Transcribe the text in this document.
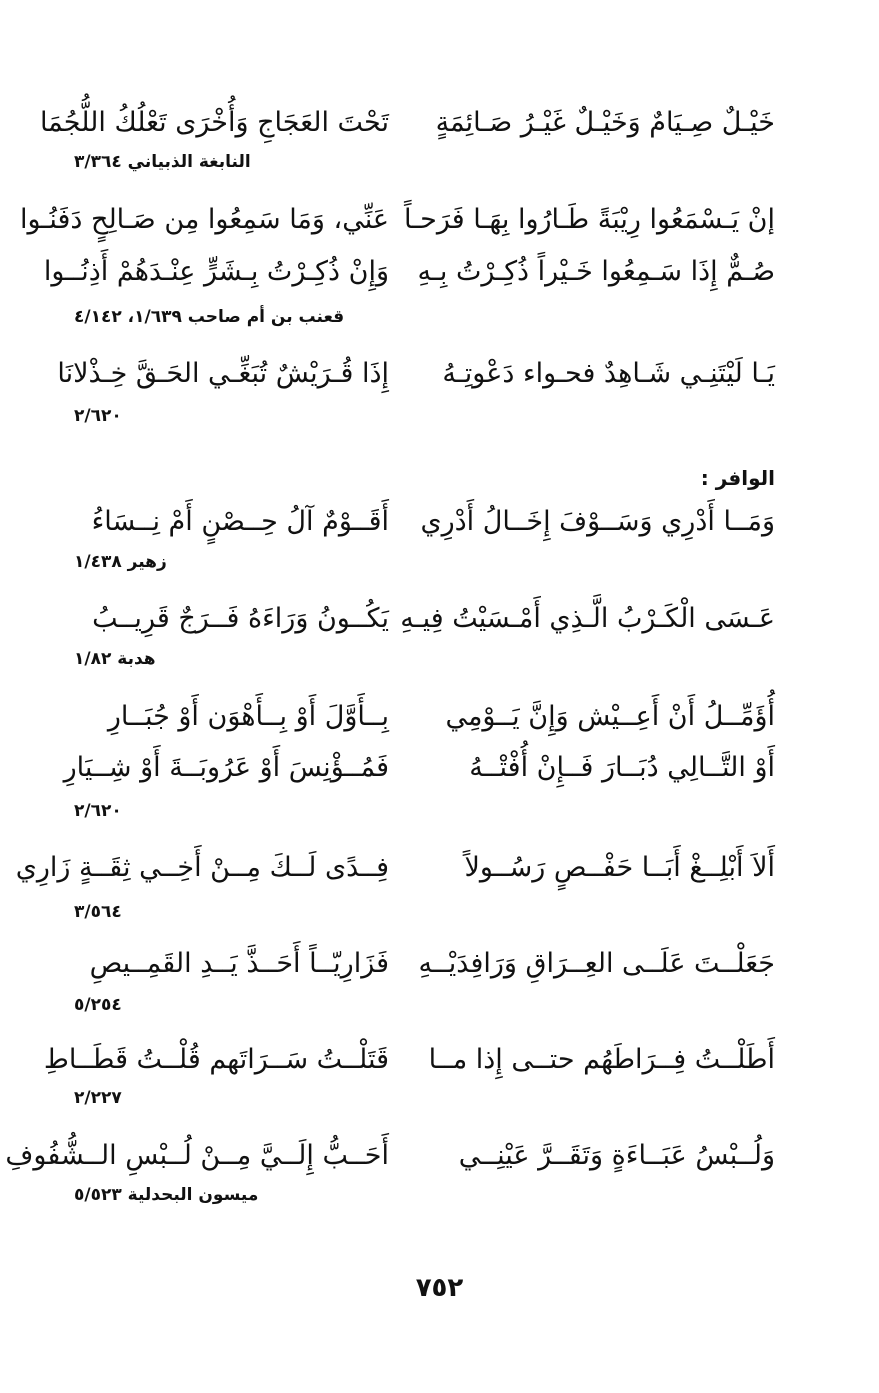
خَيْـلٌ صِـيَامٌ وَخَيْـلٌ غَيْـرُ صَـائِمَةٍ
تَحْتَ العَجَاجِ وَأُخْرَى تَعْلُكُ اللُّجُمَا
النابغة الذبياني ٣/٣٦٤
إنْ يَـسْمَعُوا رِيْبَةً طَـارُوا بِهَـا فَرَحـاً
عَنِّي، وَمَا سَمِعُوا مِن صَـالِحٍ دَفَنُـوا
صُـمٌّ إِذَا سَـمِعُوا خَـيْراً ذُكِـرْتُ بِـهِ
وَإِنْ ذُكِـرْتُ بِـشَرٍّ عِنْـدَهُمْ أَذِنُــوا
قعنب بن أم صاحب ١/٦٣٩، ٤/١٤٢
يَـا لَيْتَنِـي شَـاهِدٌ فحـواء دَعْوتِـهُ
إِذَا قُـرَيْشٌ تُبَغِّـي الحَـقَّ خِـذْلانَا
٢/٦٢٠
الوافر :
وَمَــا أَدْرِي وَسَــوْفَ إِخَــالُ أَدْرِي
أَقَــوْمٌ آلُ حِــصْنٍ أَمْ نِــسَاءُ
زهير ١/٤٣٨
عَـسَى الْكَـرْبُ الَّـذِي أَمْـسَيْتُ فِيـهِ
يَكُــونُ وَرَاءَهُ فَــرَجٌ قَرِيــبُ
هدبة ١/٨٢
أُؤَمِّــلُ أَنْ أَعِــيْش وَإِنَّ يَــوْمِي
بِــأَوَّلَ أَوْ بِــأَهْوَن أَوْ جُبَــارِ
أَوْ التَّــالِي دُبَــارَ فَــإِنْ أُفْتْــهُ
فَمُــؤْنِسَ أَوْ عَرُوبَــةَ أَوْ شِــيَارِ
٢/٦٢٠
أَلاَ أَبْلِــغْ أَبَــا حَفْــصٍ رَسُــولاً
فِــدًى لَــكَ مِــنْ أَخِــي ثِقَــةٍ زَارِي
٣/٥٦٤
جَعَلْــتَ عَلَــى العِــرَاقِ وَرَافِدَيْــهِ
فَزَارِيّــاً أَحَــذَّ يَــدِ القَمِــيصِ
٥/٢٥٤
أَطَلْــتُ فِــرَاطَهُم حتــى إِذا مــا
قَتَلْــتُ سَــرَاتَهم قُلْــتُ قَطَــاطِ
٢/٢٢٧
وَلُــبْسُ عَبَــاءَةٍ وَتَقَــرَّ عَيْنِــي
أَحَــبُّ إِلَــيَّ مِــنْ لُــبْسِ الــشُّفُوفِ
ميسون البحدلية ٥/٥٢٣
٧٥٢
